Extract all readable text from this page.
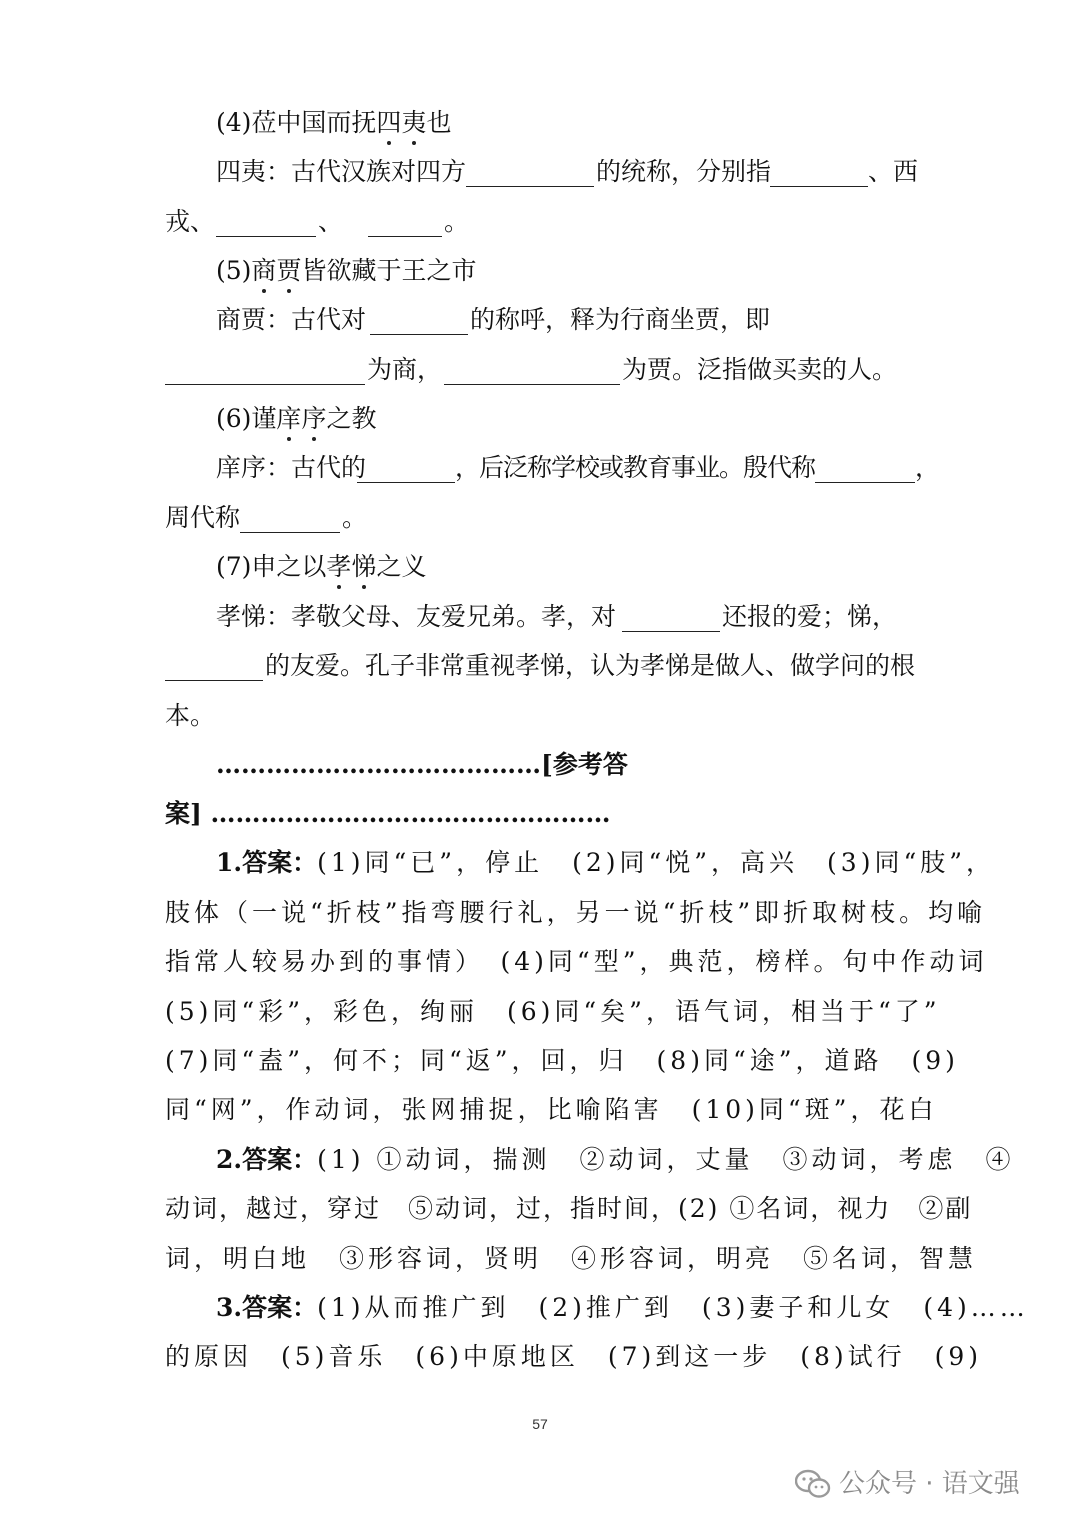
(4)莅中国而抚四夷也
四夷：古代汉族对四方	的统称，分别指	、西
戎、	、	。
(5)商贾皆欲藏于王之市
商贾：古代对	的称呼，释为行商坐贾，即
为商，	为贾。泛指做买卖的人。
(6)谨庠序之教
庠序：古代的	，后泛称学校或教育事业。殷代称	，
周代称	。
(7)申之以孝悌之义
孝悌：孝敬父母、友爱兄弟。孝，对	还报的爱；悌，
的友爱。孔子非常重视孝悌，认为孝悌是做人、做学问的根
本。
…………………………………[参考答
案] …………………………………………
1.答案：(1)同“已”，停止　(2)同“悦”，高兴　(3)同“肢”，
肢体（一说“折枝”指弯腰行礼，另一说“折枝”即折取树枝。均喻
指常人较易办到的事情）　(4)同“型”，典范，榜样。句中作动词
(5)同“彩”，彩色，绚丽　(6)同“矣”，语气词，相当于“了”
(7)同“盍”，何不；同“返”，回，归　(8)同“途”，道路　(9)
同“网”，作动词，张网捕捉，比喻陷害　(10)同“斑”，花白
2.答案：(1) ①动词，揣测　②动词，丈量　③动词，考虑　④
动词，越过，穿过　⑤动词，过，指时间，(2) ①名词，视力　②副
词，明白地　③形容词，贤明　④形容词，明亮　⑤名词，智慧
3.答案：(1)从而推广到　(2)推广到　(3)妻子和儿女　(4)……
的原因　(5)音乐　(6)中原地区　(7)到这一步　(8)试行　(9)
57
公众号 · 语文强
